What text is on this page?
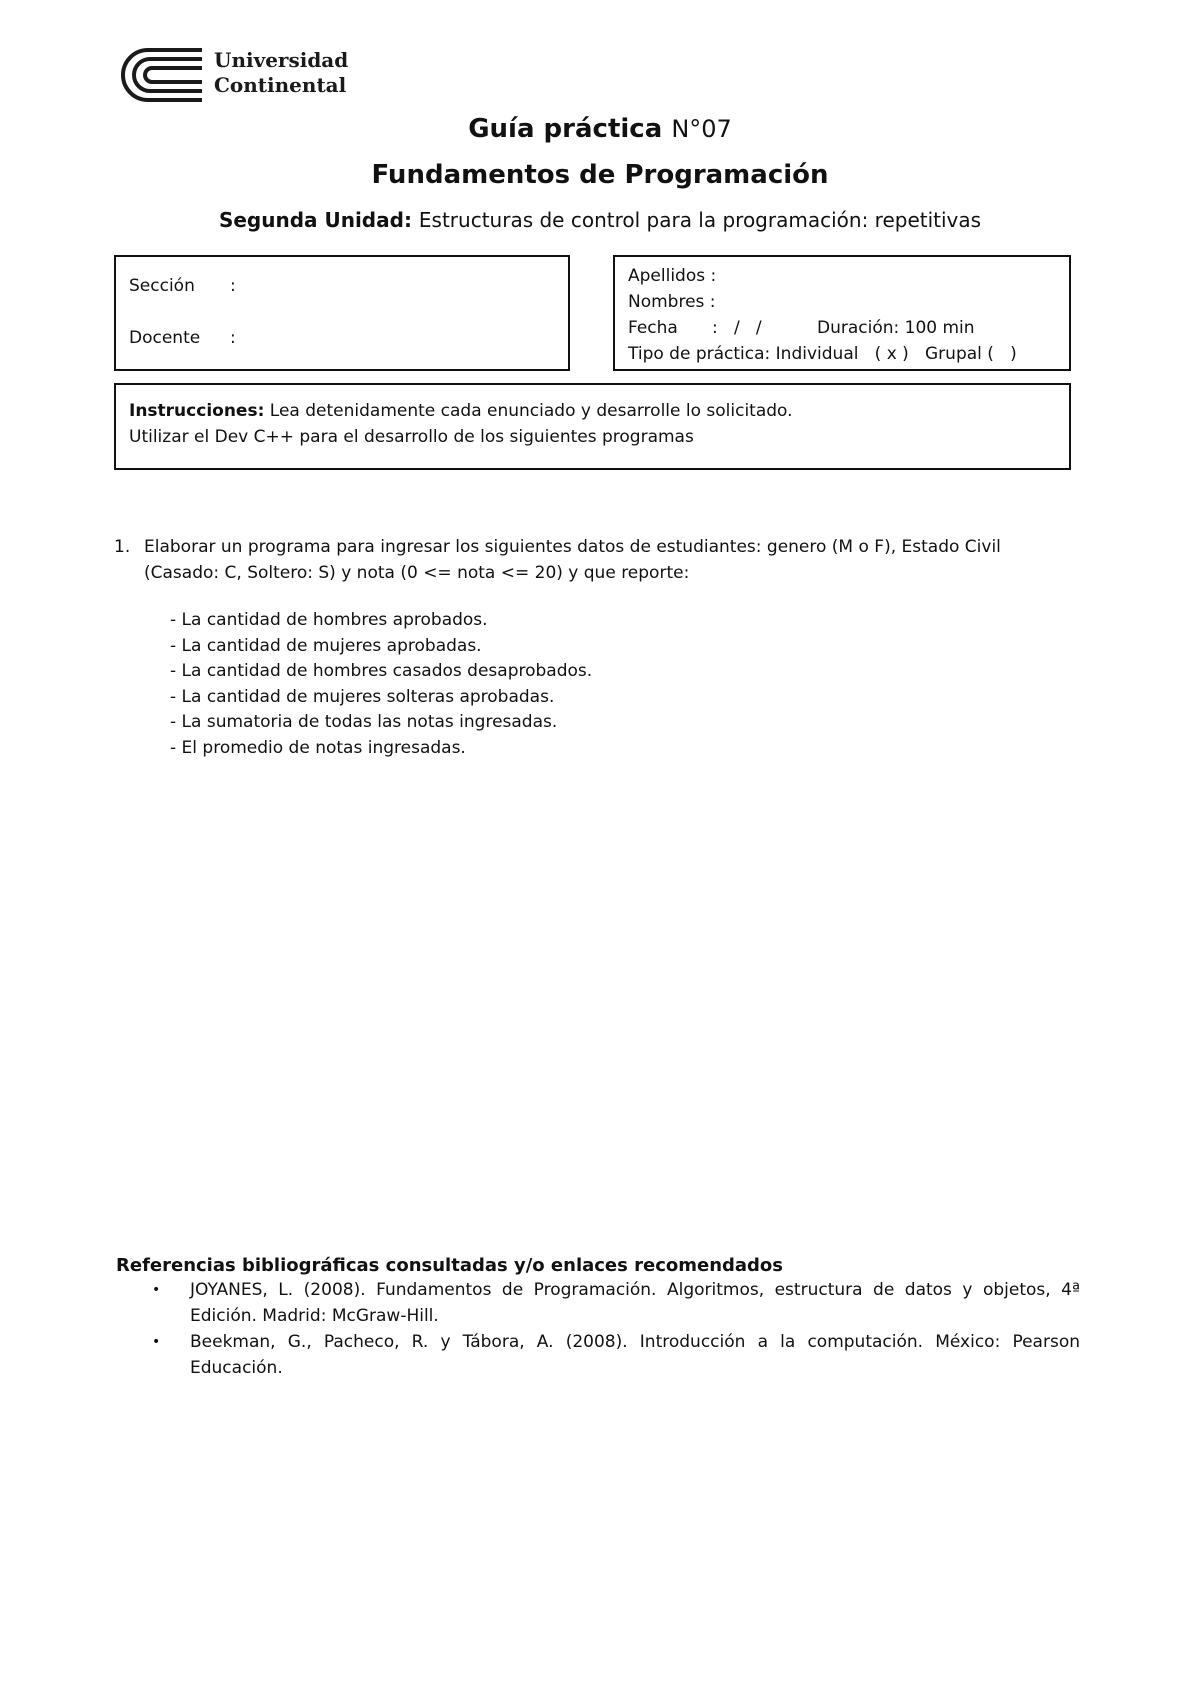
Universidad
Continental
Guía práctica N°07
Fundamentos de Programación
Segunda Unidad: Estructuras de control para la programación: repetitivas
Sección :
Docente :
Apellidos :
Nombres :
Fecha :   /   /	Duración: 100 min
Tipo de práctica: Individual   ( x )   Grupal (   )
Instrucciones: Lea detenidamente cada enunciado y desarrolle lo solicitado.
Utilizar el Dev C++ para el desarrollo de los siguientes programas
1. Elaborar un programa para ingresar los siguientes datos de estudiantes: genero (M o F), Estado Civil (Casado: C, Soltero: S) y nota (0 <= nota <= 20) y que reporte:
- La cantidad de hombres aprobados.
- La cantidad de mujeres aprobadas.
- La cantidad de hombres casados desaprobados.
- La cantidad de mujeres solteras aprobadas.
- La sumatoria de todas las notas ingresadas.
- El promedio de notas ingresadas.
Referencias bibliográficas consultadas y/o enlaces recomendados
• JOYANES, L. (2008). Fundamentos de Programación. Algoritmos, estructura de datos y objetos, 4ª Edición. Madrid: McGraw-Hill.
• Beekman, G., Pacheco, R. y Tábora, A. (2008). Introducción a la computación. México: Pearson Educación.
